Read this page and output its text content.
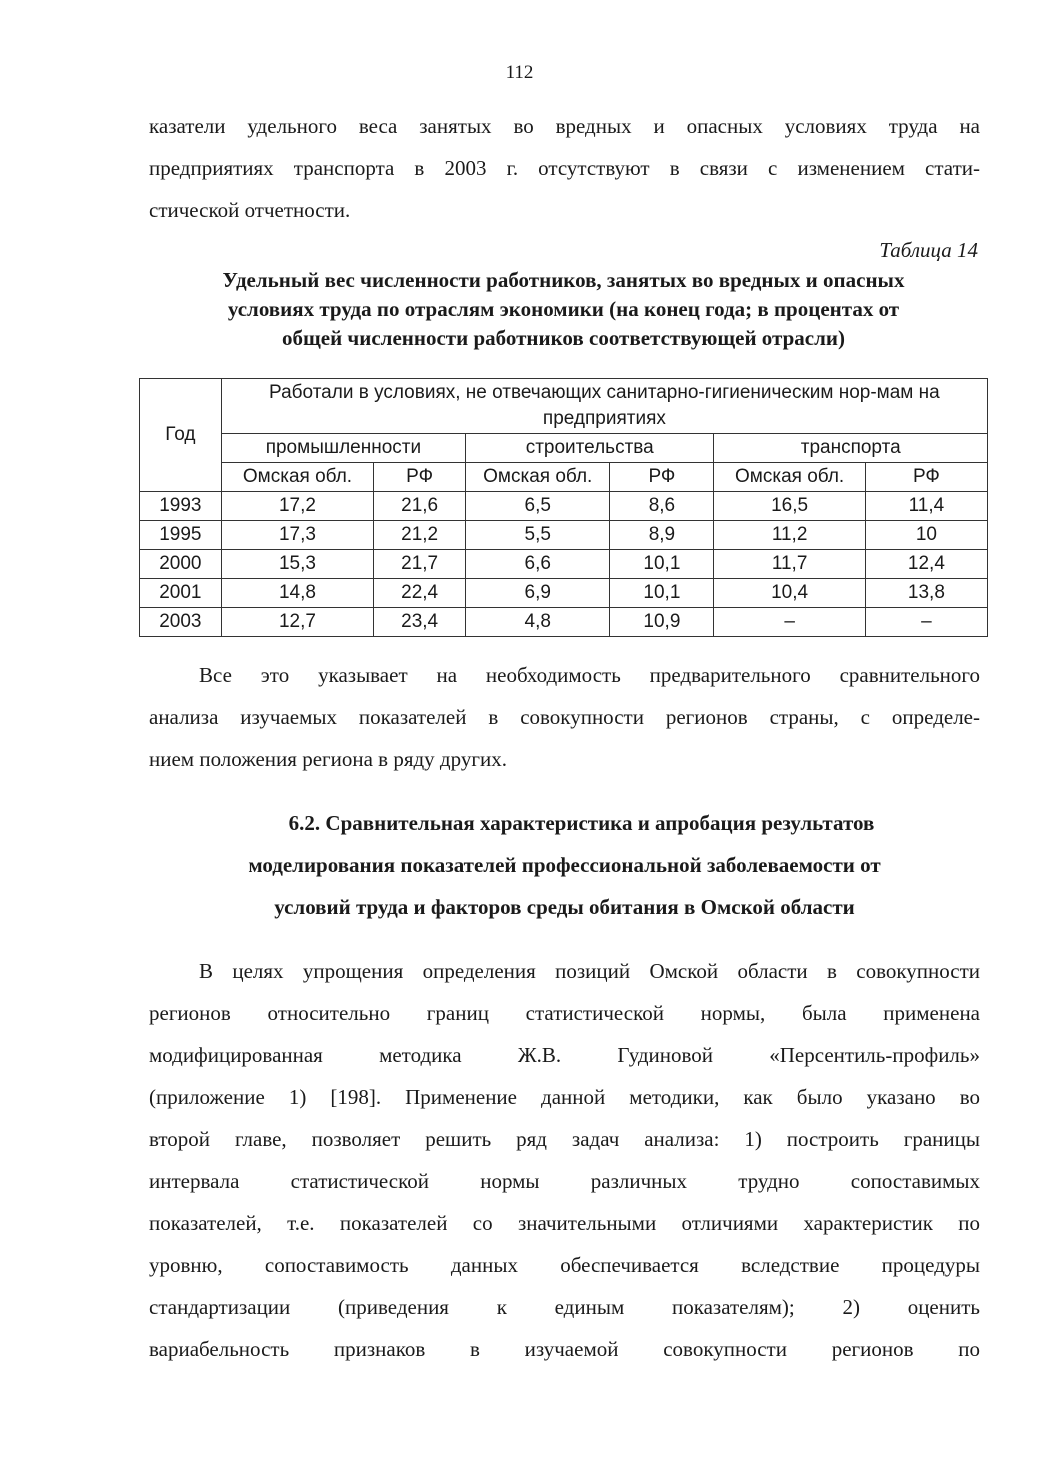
112
казатели удельного веса занятых во вредных и опасных условиях труда на
предприятиях транспорта в 2003 г. отсутствуют в связи с изменением стати-
стической отчетности.
Таблица 14
Удельный вес численности работников, занятых во вредных и опасных
условиях труда по отраслям экономики (на конец года; в процентах от
общей численности работников соответствующей отрасли)
Год	Работали в условиях, не отвечающих санитарно-гигиеническим нор-мам на предприятиях					
	промышленности		строительства		транспорта	
	Омская обл.	РФ	Омская обл.	РФ	Омская обл.	РФ
1993	17,2	21,6	6,5	8,6	16,5	11,4
1995	17,3	21,2	5,5	8,9	11,2	10
2000	15,3	21,7	6,6	10,1	11,7	12,4
2001	14,8	22,4	6,9	10,1	10,4	13,8
2003	12,7	23,4	4,8	10,9	–	–
Все это указывает на необходимость предварительного сравнительного
анализа изучаемых показателей в совокупности регионов страны, с определе-
нием положения региона в ряду других.
6.2. Сравнительная характеристика и апробация результатов
моделирования показателей профессиональной заболеваемости от
условий труда и факторов среды обитания в Омской области
В целях упрощения определения позиций Омской области в совокупности
регионов относительно границ статистической нормы, была применена
модифицированная методика Ж.В. Гудиновой «Персентиль-профиль»
(приложение 1) [198]. Применение данной методики, как было указано во
второй главе, позволяет решить ряд задач анализа: 1) построить границы
интервала статистической нормы различных трудно сопоставимых
показателей, т.е. показателей со значительными отличиями характеристик по
уровню, сопоставимость данных обеспечивается вследствие процедуры
стандартизации (приведения к единым показателям); 2) оценить
вариабельность признаков в изучаемой совокупности регионов по
